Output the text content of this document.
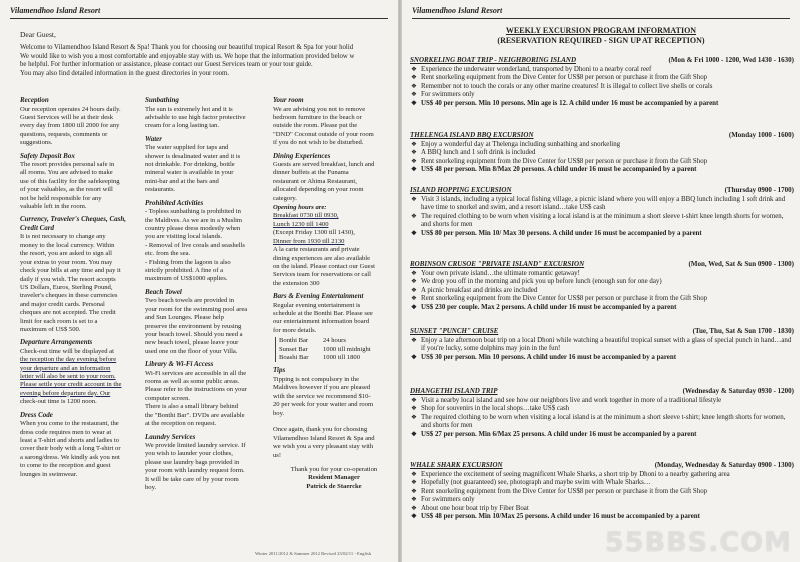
Vilamendhoo Island Resort
Dear Guest,

Welcome to Vilamendhoo Island Resort & Spa! Thank you for choosing our beautiful tropical Resort & Spa for your holid

We would like to wish you a most comfortable and enjoyable stay with us. We hope that the information provided below w

be helpful. For further information or assistance, please contact our Guest Services team or your tour guide.

You may also find detailed information in the guest directories in your room.

Reception
Our reception operates 24 hours daily.
Guest Services will be at their desk
every day from 1800 till 2000 for any
questions, requests, comments or
suggestions.
Safety Deposit Box
The resort provides personal safe in
all rooms. You are advised to make
use of this facility for the safekeeping
of your valuables, as the resort will
not be held responsible for any
valuable left in the room.
Currency, Traveler's Cheques, Cash, Credit Card
It is not necessary to change any
money to the local currency. Within
the resort, you are asked to sign all
your extras to your room. You may
check your bills at any time and pay it
daily if you wish. The resort accepts
US Dollars, Euros, Sterling Pound,
traveler's cheques in these currencies
and major credit cards. Personal
cheques are not accepted. The credit
limit for each room is set to a
maximum of US$ 500.
Departure Arrangements
Check-out time will be displayed at
the reception the day evening before
your departure and an information
letter will also be sent to your room.
Please settle your credit account in the
evening before departure day. Our
check-out time is 1200 noon.
Dress Code
When you come to the restaurant, the
dress code requires men to wear at
least a T-shirt and shorts and ladies to
cover their body with a long T-shirt or
a sarong/dress. We kindly ask you not
to come to the reception and guest
lounges in swimwear.
Sunbathing
The sun is extremely hot and it is
advisable to use high factor protective
cream for a long lasting tan.
Water
The water supplied for taps and
shower is desalinated water and it is
not drinkable. For drinking, bottle
mineral water is available in your
mini-bar and at the bars and
restaurants.
Prohibited Activities
- Topless sunbathing is prohibited in
the Maldives. As we are in a Muslim
country please dress modestly when
you are visiting local islands.
- Removal of live corals and seashells
etc. from the sea.
- Fishing from the lagoon is also
strictly prohibited. A fine of a
maximum of US$1000 applies.
Beach Towel
Two beach towels are provided in
your room for the swimming pool area
and Sun Lounges. Please help
preserve the environment by reusing
your beach towel. Should you need a
new beach towel, please leave your
used one on the floor of your Villa.
Library & Wi-Fi Access
Wi-Fi services are accessible in all the
rooms as well as some public areas.
Please refer to the instructions on your
computer screen.
There is also a small library behind
the "Bonthi Bar". DVDs are available
at the reception on request.
Laundry Services
We provide limited laundry service. If
you wish to launder your clothes,
please use laundry bags provided in
your room with laundry request form.
It will be take care of by your room
boy.
Your room
We are advising you not to remove
bedroom furniture to the beach or
outside the room. Please put the
"DND" Coconut outside of your room
if you do not wish to be disturbed.
Dining Experiences
Guests are served breakfast, lunch and
dinner buffets at the Funama
restaurant or Ahima Restaurant,
allocated depending on your room
category.
Opening hours are:
Breakfast 0730 till 0930,
Lunch 1230 till 1400
(Except Friday 1300 till 1430),
Dinner from 1930 till 2130
A la carte restaurants and private
dining experiences are also available
on the island. Please contact our Guest
Services team for reservations or call
the extension 300
Bars & Evening Entertainment
Regular evening entertainment is
schedule at the Bonthi Bar. Please see
our entertainment information board
for more details.
Bonthi Bar	24 hours
Sunset Bar	1000 till midnight
Boashi Bar	1000 till 1800
Tips
Tipping is not compulsory in the
Maldives however if you are pleased
with the service we recommend $10-
20 per week for your waiter and room
boy.

Once again, thank you for choosing
Vilamendhoo Island Resort & Spa and
we wish you a very pleasant stay with
us!
Thank you for your co-operation
Resident Manager
Patrick de Staercke
Winter 2011/2012 & Summer 2012 Revised 23/02/11 - English
Vilamendhoo Island Resort
WEEKLY EXCURSION PROGRAM INFORMATION
(RESERVATION REQUIRED - SIGN UP AT RECEPTION)
SNORKELING BOAT TRIP - NEIGHBORING ISLAND	(Mon & Fri 1000 - 1200, Wed 1430 - 1630)
❖ Experience the underwater wonderland, transported by Dhoni to a nearby coral reef
❖ Rent snorkeling equipment from the Dive Center for US$8 per person or purchase it from the Gift Shop
❖ Remember not to touch the corals or any other marine creatures! It is illegal to collect live shells or corals
❖ For swimmers only
❖ US$ 40 per person. Min 10 persons. Min age is 12. A child under 16 must be accompanied by a parent
THELENGA ISLAND BBQ EXCURSION	(Monday 1000 - 1600)
❖ Enjoy a wonderful day at Thelenga including sunbathing and snorkeling
❖ A BBQ lunch and 1 soft drink is included
❖ Rent snorkeling equipment from the Dive Center for US$8 per person or purchase it from the Gift Shop
❖ US$ 48 per person. Min 8/Max 20 persons. A child under 16 must be accompanied by a parent
ISLAND HOPPING EXCURSION	(Thursday 0900 - 1700)
❖ Visit 3 islands, including a typical local fishing village, a picnic island where you will enjoy a BBQ lunch including 1 soft drink and have time to snorkel and swim, and a resort island…take US$ cash
❖ The required clothing to be worn when visiting a local island is at the minimum a short sleeve t-shirt knee length shorts for women, and shorts for men
❖ US$ 80 per person. Min 10/ Max 30 persons. A child under 16 must be accompanied by a parent
ROBINSON CRUSOE "PRIVATE ISLAND" EXCURSION	(Mon, Wed, Sat & Sun 0900 - 1300)
❖ Your own private island…the ultimate romantic getaway!
❖ We drop you off in the morning and pick you up before lunch (enough sun for one day)
❖ A picnic breakfast and drinks are included
❖ Rent snorkeling equipment from the Dive Center for US$8 per person or purchase it from the Gift Shop
❖ US$ 230 per couple. Max 2 persons. A child under 16 must be accompanied by a parent
SUNSET "PUNCH" CRUISE	(Tue, Thu, Sat & Sun 1700 - 1830)
❖ Enjoy a late afternoon boat trip on a local Dhoni while watching a beautiful tropical sunset with a glass of special punch in hand…and if you're lucky, some dolphins may join in the fun!
❖ US$ 30 per person. Min 10 persons. A child under 16 must be accompanied by a parent
DHANGETHI ISLAND TRIP	(Wednesday & Saturday 0930 - 1200)
❖ Visit a nearby local island and see how our neighbors live and work together in more of a traditional lifestyle
❖ Shop for souvenirs in the local shops…take US$ cash
❖ The required clothing to be worn when visiting a local island is at the minimum a short sleeve t-shirt; knee length shorts for women, and shorts for men
❖ US$ 27 per person. Min 6/Max 25 persons. A child under 16 must be accompanied by a parent
WHALE SHARK EXCURSION	(Monday, Wednesday & Saturday 0900 - 1300)
❖ Experience the excitement of seeing magnificent Whale Sharks, a short trip by Dhoni to a nearby gathering area
❖ Hopefully (not guaranteed) see, photograph and maybe swim with Whale Sharks…
❖ Rent snorkeling equipment from the Dive Center for US$8 per person or purchase it from the Gift Shop
❖ For swimmers only
❖ About one hour boat trip by Fiber Boat
❖ US$ 48 per person. Min 10/Max 25 persons. A child under 16 must be accompanied by a parent
55BBS.COM
